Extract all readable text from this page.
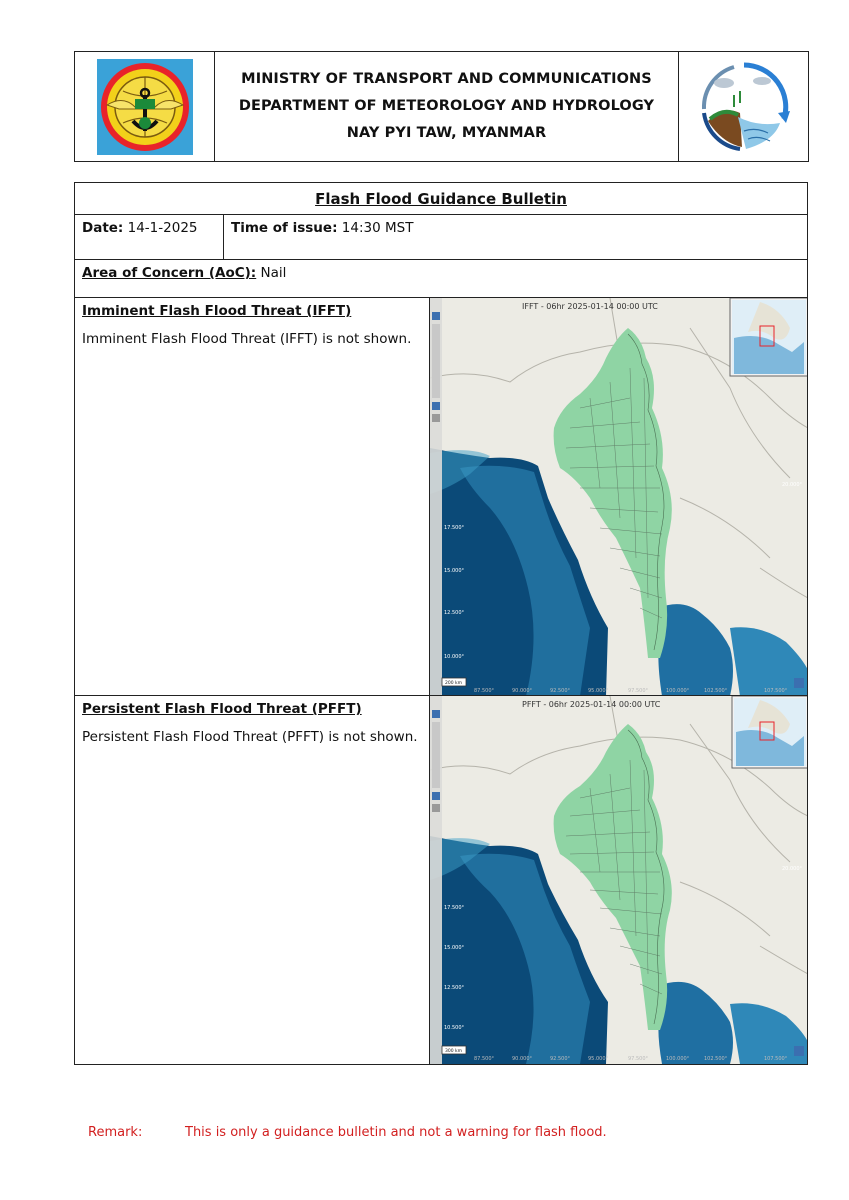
MINISTRY OF TRANSPORT AND COMMUNICATIONS
DEPARTMENT OF METEOROLOGY AND HYDROLOGY
NAY PYI TAW, MYANMAR
Flash Flood Guidance Bulletin
Date: 14-1-2025	Time of issue: 14:30 MST
Area of Concern (AoC):
Nail
Imminent Flash Flood Threat (IFFT)
Imminent Flash Flood Threat (IFFT) is not shown.
IFFT - 06hr 2025-01-14 00:00 UTC
17.500°
15.000°
12.500°
10.000°
20.000°
200 km
87.500°	90.000°	92.500°	95.000°	97.500°	100.000°	102.500°	107.500°
Persistent Flash Flood Threat (PFFT)
Persistent Flash Flood Threat (PFFT) is not shown.
PFFT - 06hr 2025-01-14 00:00 UTC
17.500°
15.000°
12.500°
10.500°
20.000°
300 km
87.500°	90.000°	92.500°	95.000°	97.500°	100.000°	102.500°	107.500°
Remark:	This is only a guidance bulletin and not a warning for flash flood.
